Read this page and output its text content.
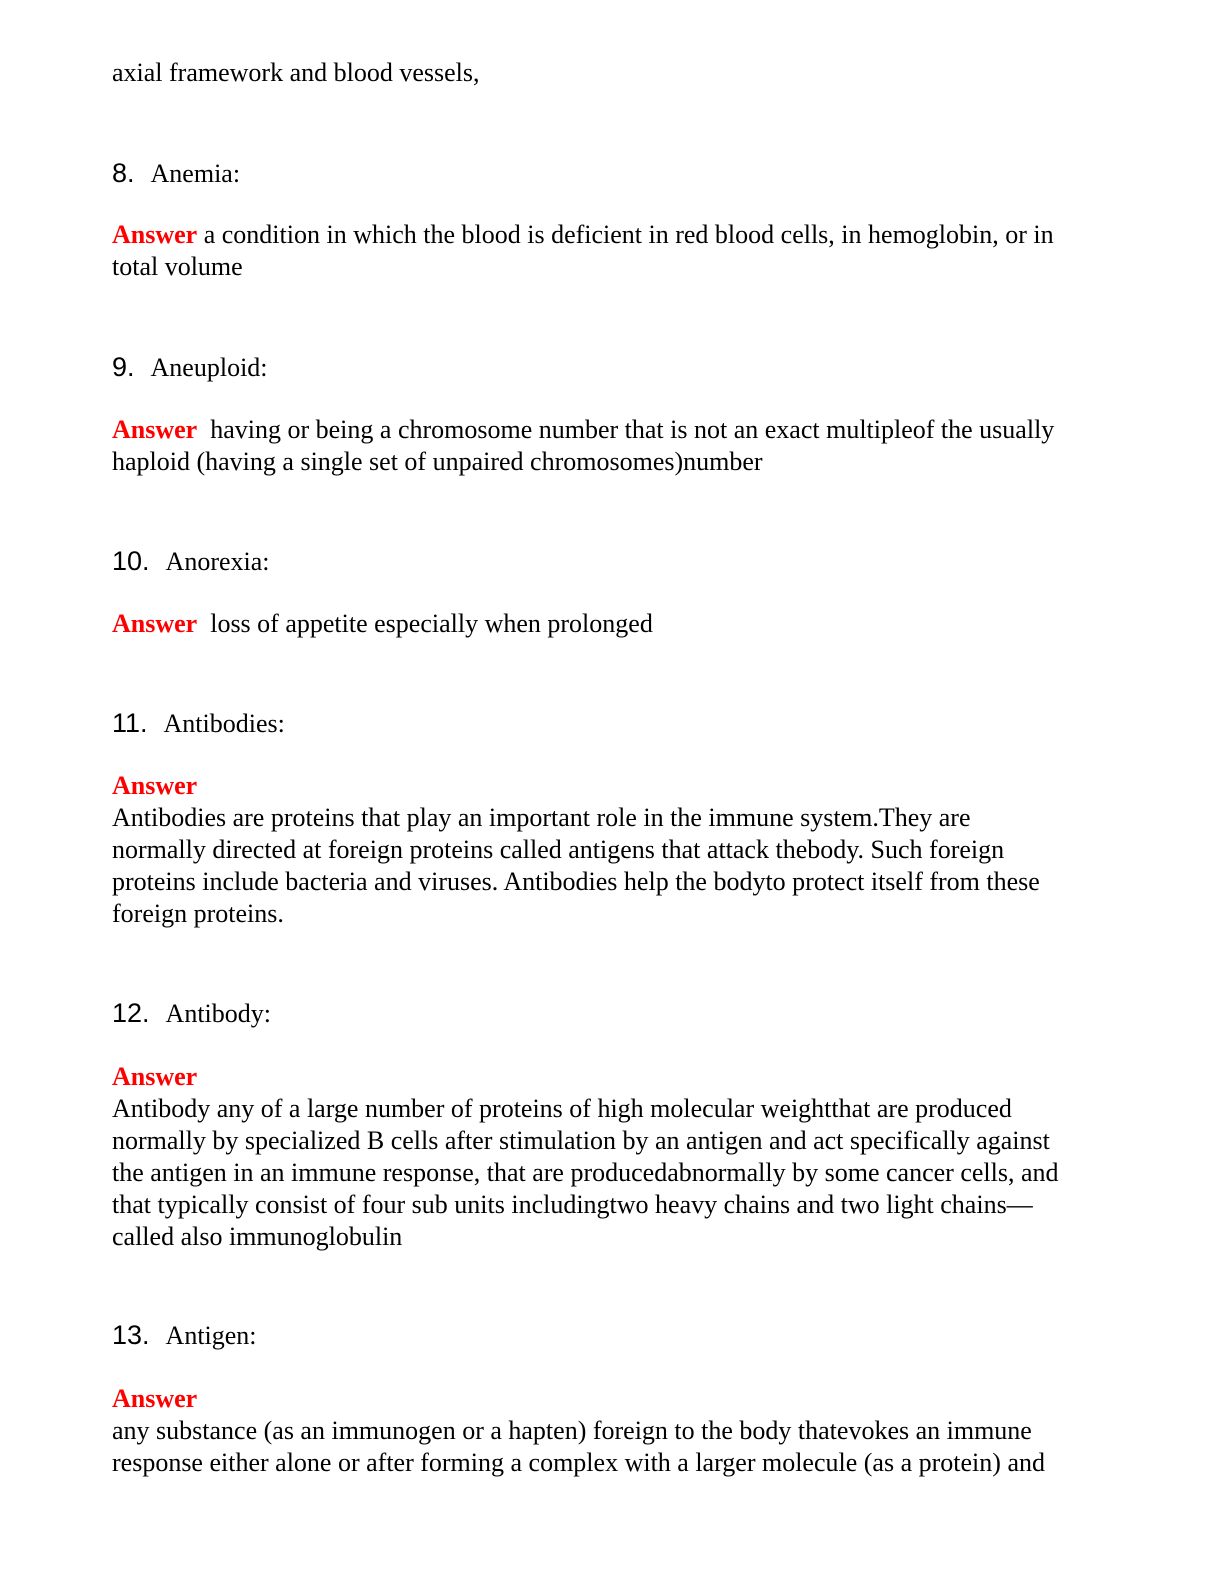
axial framework and blood vessels,

8. Anemia:

Answer a condition in which the blood is deficient in red blood cells, in hemoglobin, or in
total volume

9. Aneuploid:

Answer  having or being a chromosome number that is not an exact multipleof the usually
haploid (having a single set of unpaired chromosomes)number

10. Anorexia:

Answer  loss of appetite especially when prolonged

11. Antibodies:

Answer
Antibodies are proteins that play an important role in the immune system.They are
normally directed at foreign proteins called antigens that attack thebody. Such foreign
proteins include bacteria and viruses. Antibodies help the bodyto protect itself from these
foreign proteins.

12. Antibody:

Answer
Antibody any of a large number of proteins of high molecular weightthat are produced
normally by specialized B cells after stimulation by an antigen and act specifically against
the antigen in an immune response, that are producedabnormally by some cancer cells, and
that typically consist of four sub units includingtwo heavy chains and two light chains—
called also immunoglobulin

13. Antigen:

Answer
any substance (as an immunogen or a hapten) foreign to the body thatevokes an immune
response either alone or after forming a complex with a larger molecule (as a protein) and
